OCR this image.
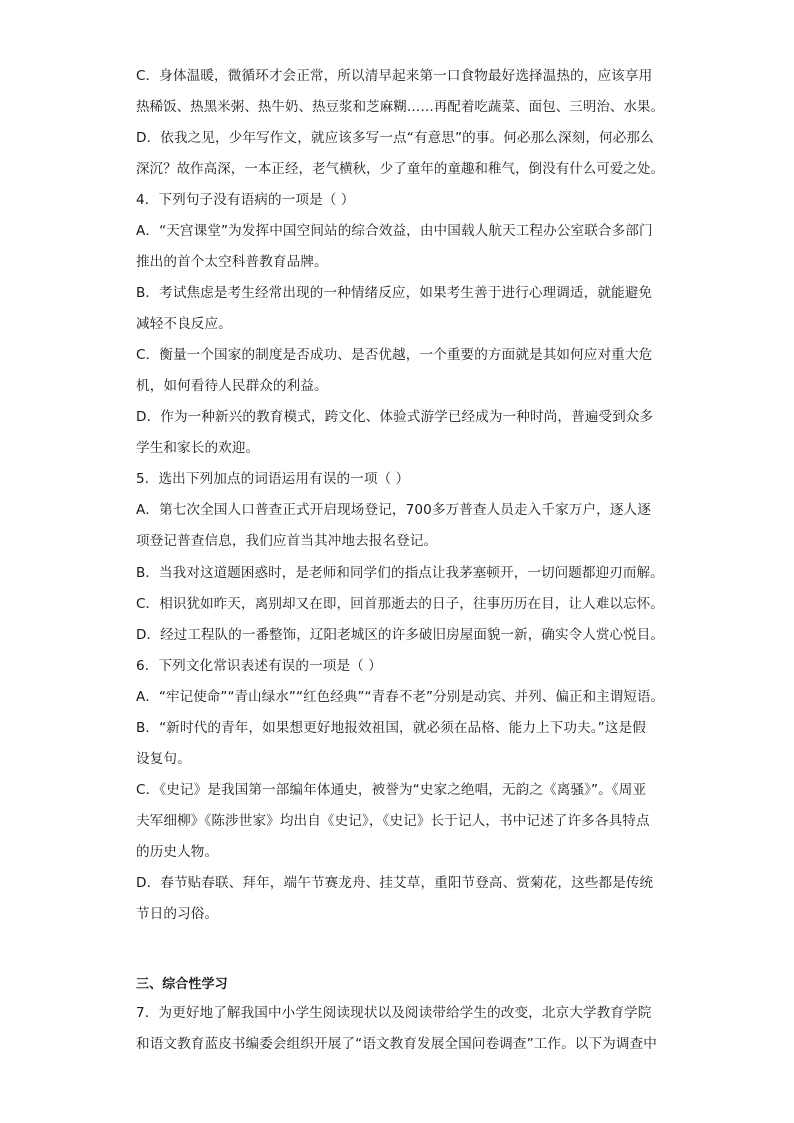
C．身体温暖，微循环才会正常，所以清早起来第一口食物最好选择温热的，应该享用
热稀饭、热黑米粥、热牛奶、热豆浆和芝麻糊……再配着吃蔬菜、面包、三明治、水果。
D．依我之见，少年写作文，就应该多写一点“有意思”的事。何必那么深刻，何必那么
深沉？故作高深，一本正经，老气横秋，少了童年的童趣和稚气，倒没有什么可爱之处。
4．下列句子没有语病的一项是（ ）
A．“天宫课堂”为发挥中国空间站的综合效益，由中国载人航天工程办公室联合多部门
推出的首个太空科普教育品牌。
B．考试焦虑是考生经常出现的一种情绪反应，如果考生善于进行心理调适，就能避免
减轻不良反应。
C．衡量一个国家的制度是否成功、是否优越，一个重要的方面就是其如何应对重大危
机，如何看待人民群众的利益。
D．作为一种新兴的教育模式，跨文化、体验式游学已经成为一种时尚，普遍受到众多
学生和家长的欢迎。
5．选出下列加点的词语运用有误的一项（ ）
A．第七次全国人口普查正式开启现场登记，700多万普查人员走入千家万户，逐人逐
项登记普查信息，我们应首当其冲地去报名登记。
B．当我对这道题困惑时，是老师和同学们的指点让我茅塞顿开，一切问题都迎刃而解。
C．相识犹如昨天，离别却又在即，回首那逝去的日子，往事历历在目，让人难以忘怀。
D．经过工程队的一番整饰，辽阳老城区的许多破旧房屋面貌一新，确实令人赏心悦目。
6．下列文化常识表述有误的一项是（ ）
A．“牢记使命”“青山绿水”“红色经典”“青春不老”分别是动宾、并列、偏正和主谓短语。
B．“新时代的青年，如果想更好地报效祖国，就必须在品格、能力上下功夫。”这是假
设复句。
C．《史记》是我国第一部编年体通史，被誉为“史家之绝唱，无韵之《离骚》”。《周亚
夫军细柳》《陈涉世家》均出自《史记》，《史记》长于记人，书中记述了许多各具特点
的历史人物。
D．春节贴春联、拜年，端午节赛龙舟、挂艾草，重阳节登高、赏菊花，这些都是传统
节日的习俗。
三、综合性学习
7．为更好地了解我国中小学生阅读现状以及阅读带给学生的改变，北京大学教育学院
和语文教育蓝皮书编委会组织开展了“语文教育发展全国问卷调查”工作。以下为调查中
